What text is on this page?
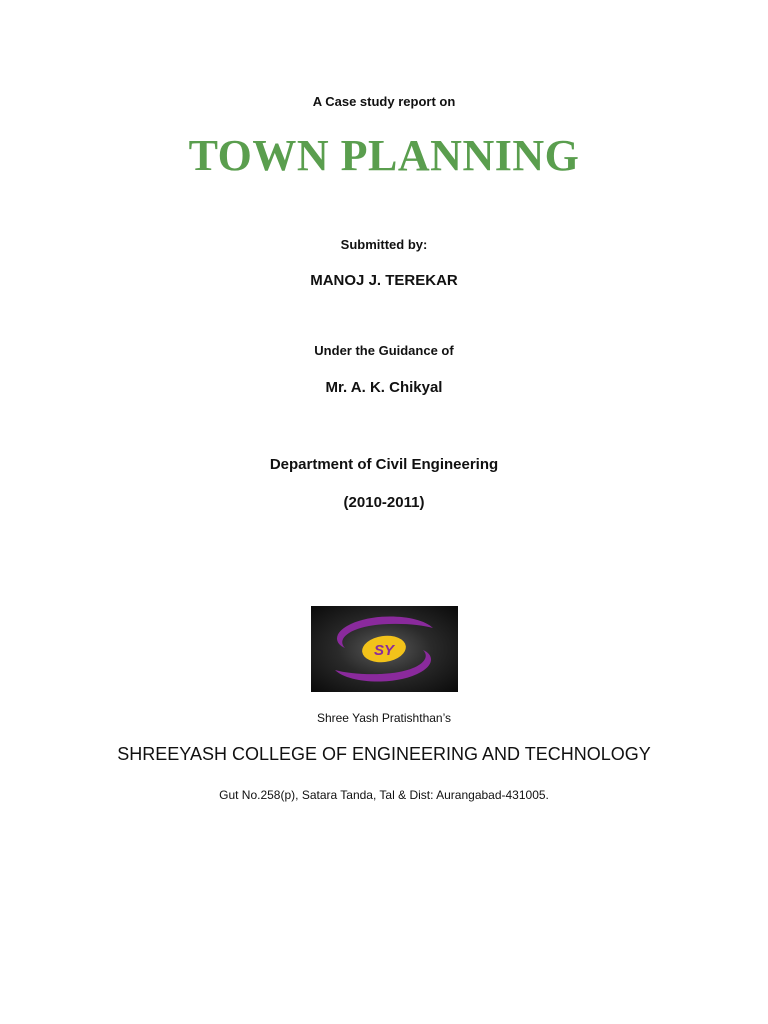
A Case study report on
TOWN PLANNING
Submitted by:
MANOJ J. TEREKAR
Under the Guidance of
Mr. A. K. Chikyal
Department of Civil Engineering
(2010-2011)
SY
Shree Yash Pratishthan’s
SHREEYASH COLLEGE OF ENGINEERING AND TECHNOLOGY
Gut No.258(p), Satara Tanda, Tal & Dist: Aurangabad-431005.
